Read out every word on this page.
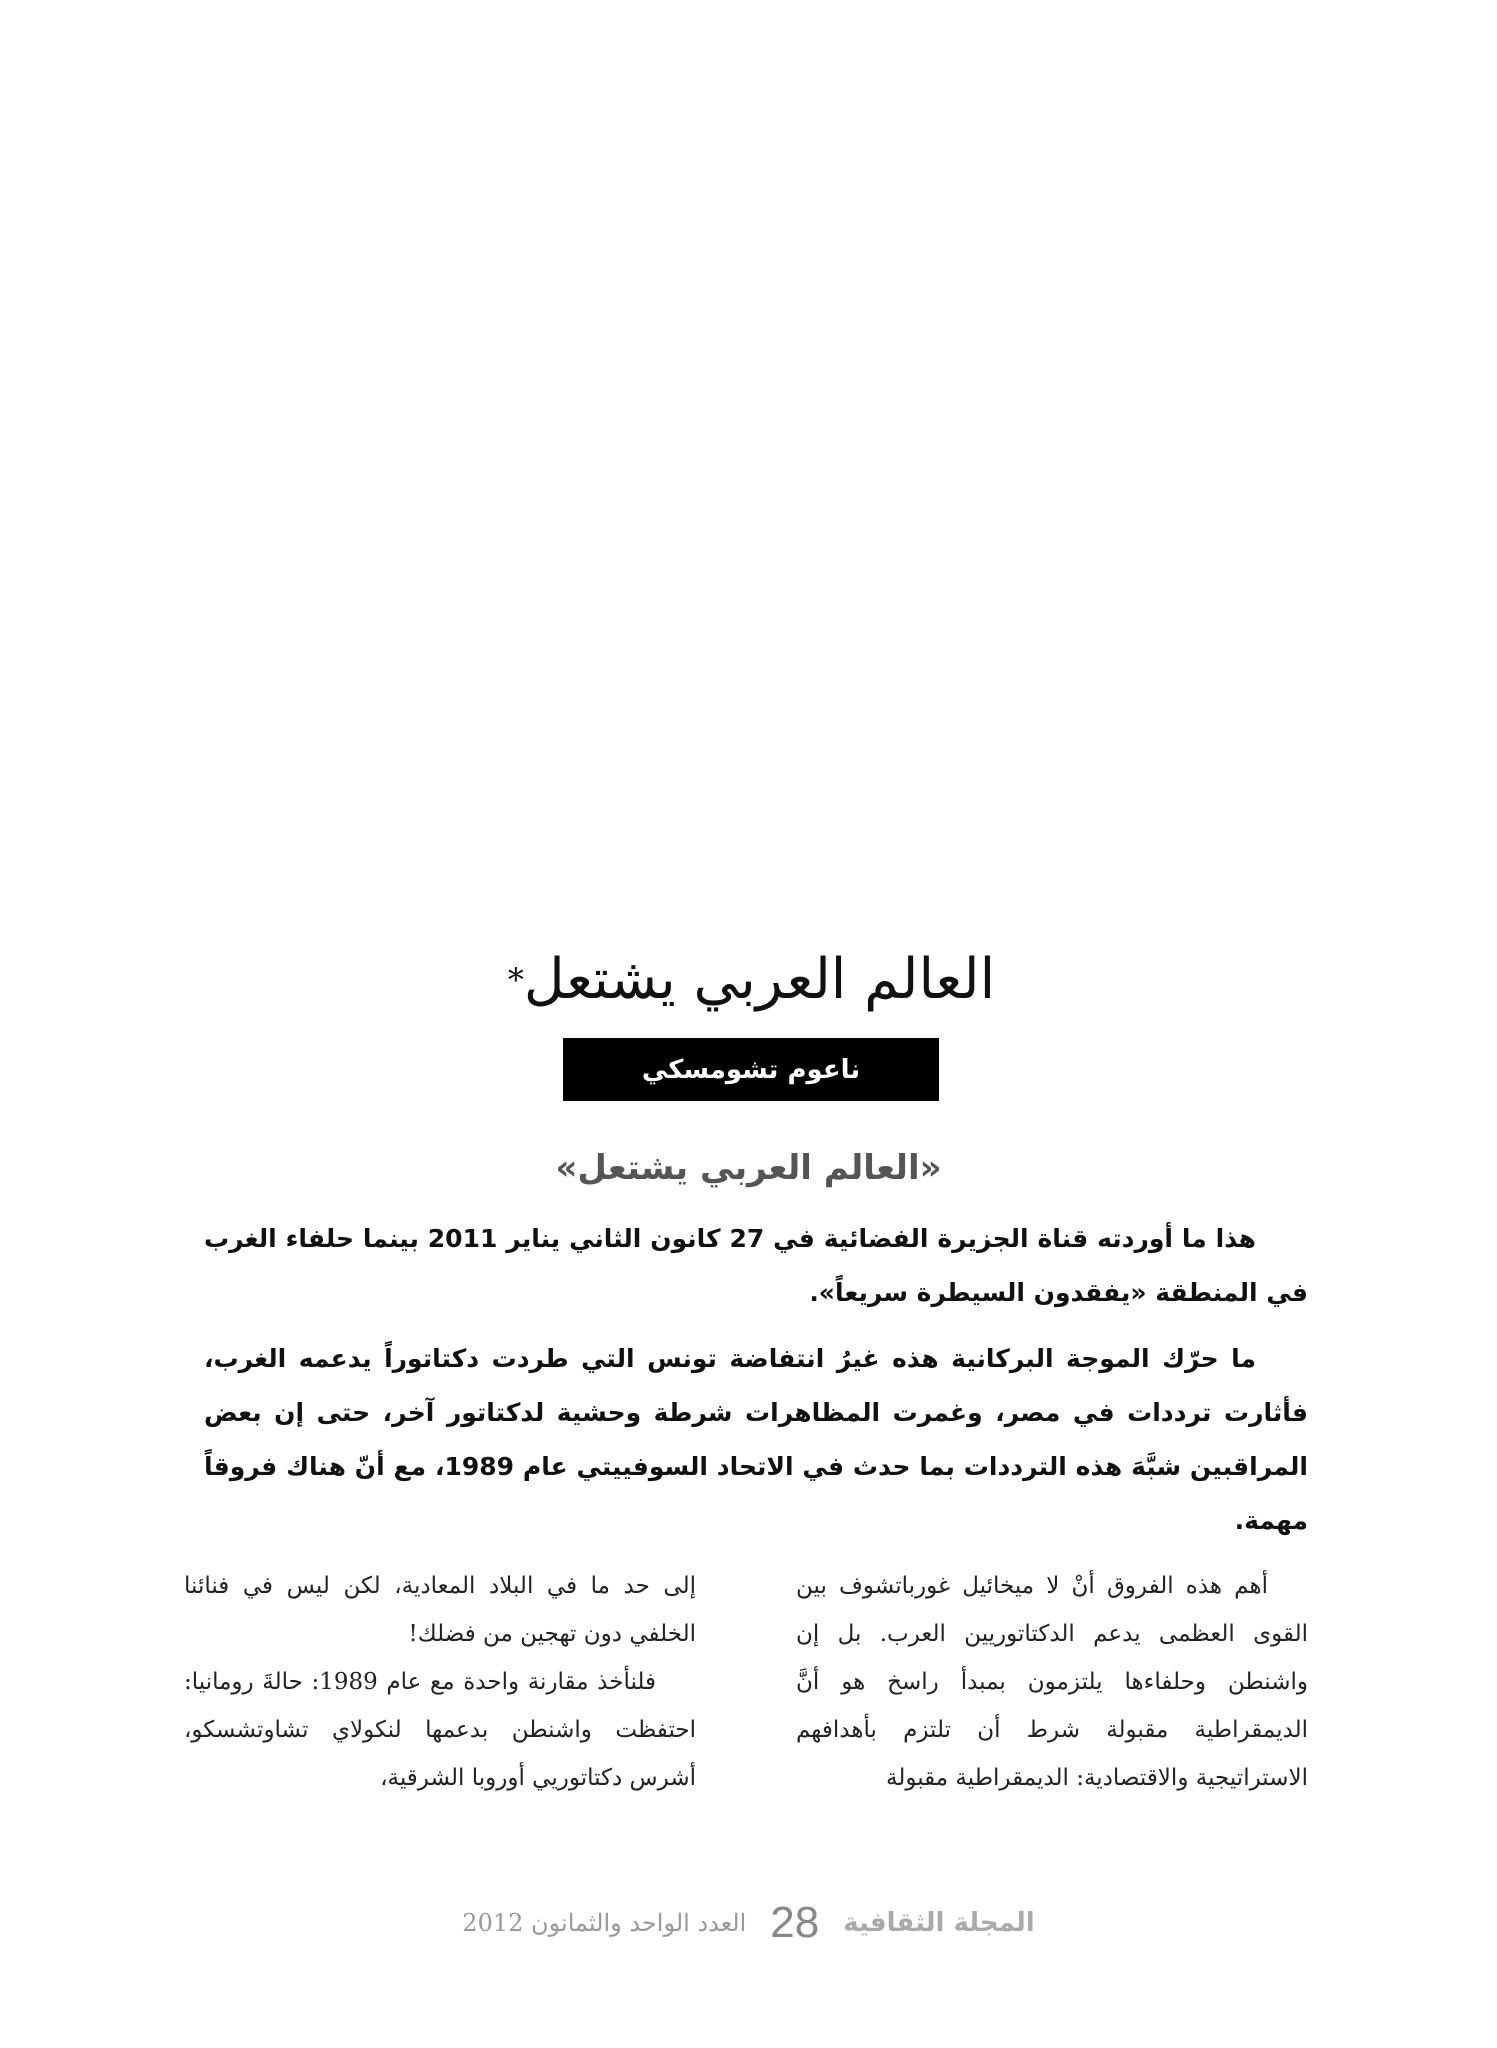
العالم العربي يشتعل*
ناعوم تشومسكي
«العالم العربي يشتعل»

هذا ما أوردته قناة الجزيرة الفضائية في 27 كانون الثاني يناير 2011 بينما حلفاء الغرب في المنطقة «يفقدون السيطرة سريعاً».

ما حرّك الموجة البركانية هذه غيرُ انتفاضة تونس التي طردت دكتاتوراً يدعمه الغرب، فأثارت ترددات في مصر، وغمرت المظاهرات شرطة وحشية لدكتاتور آخر، حتى إن بعض المراقبين شبَّهَ هذه الترددات بما حدث في الاتحاد السوفييتي عام 1989، مع أنّ هناك فروقاً مهمة.

أهم هذه الفروق أنْ لا ميخائيل غورباتشوف بين القوى العظمى يدعم الدكتاتوريين العرب. بل إن واشنطن وحلفاءها يلتزمون بمبدأ راسخ هو أنَّ الديمقراطية مقبولة شرط أن تلتزم بأهدافهم الاستراتيجية والاقتصادية: الديمقراطية مقبولة

إلى حد ما في البلاد المعادية، لكن ليس في فنائنا الخلفي دون تهجين من فضلك!

فلنأخذ مقارنة واحدة مع عام 1989: حالةَ رومانيا: احتفظت واشنطن بدعمها لنكولاي تشاوتشسكو، أشرس دكتاتوريي أوروبا الشرقية،

المجلة الثقافية
28
العدد الواحد والثمانون 2012
